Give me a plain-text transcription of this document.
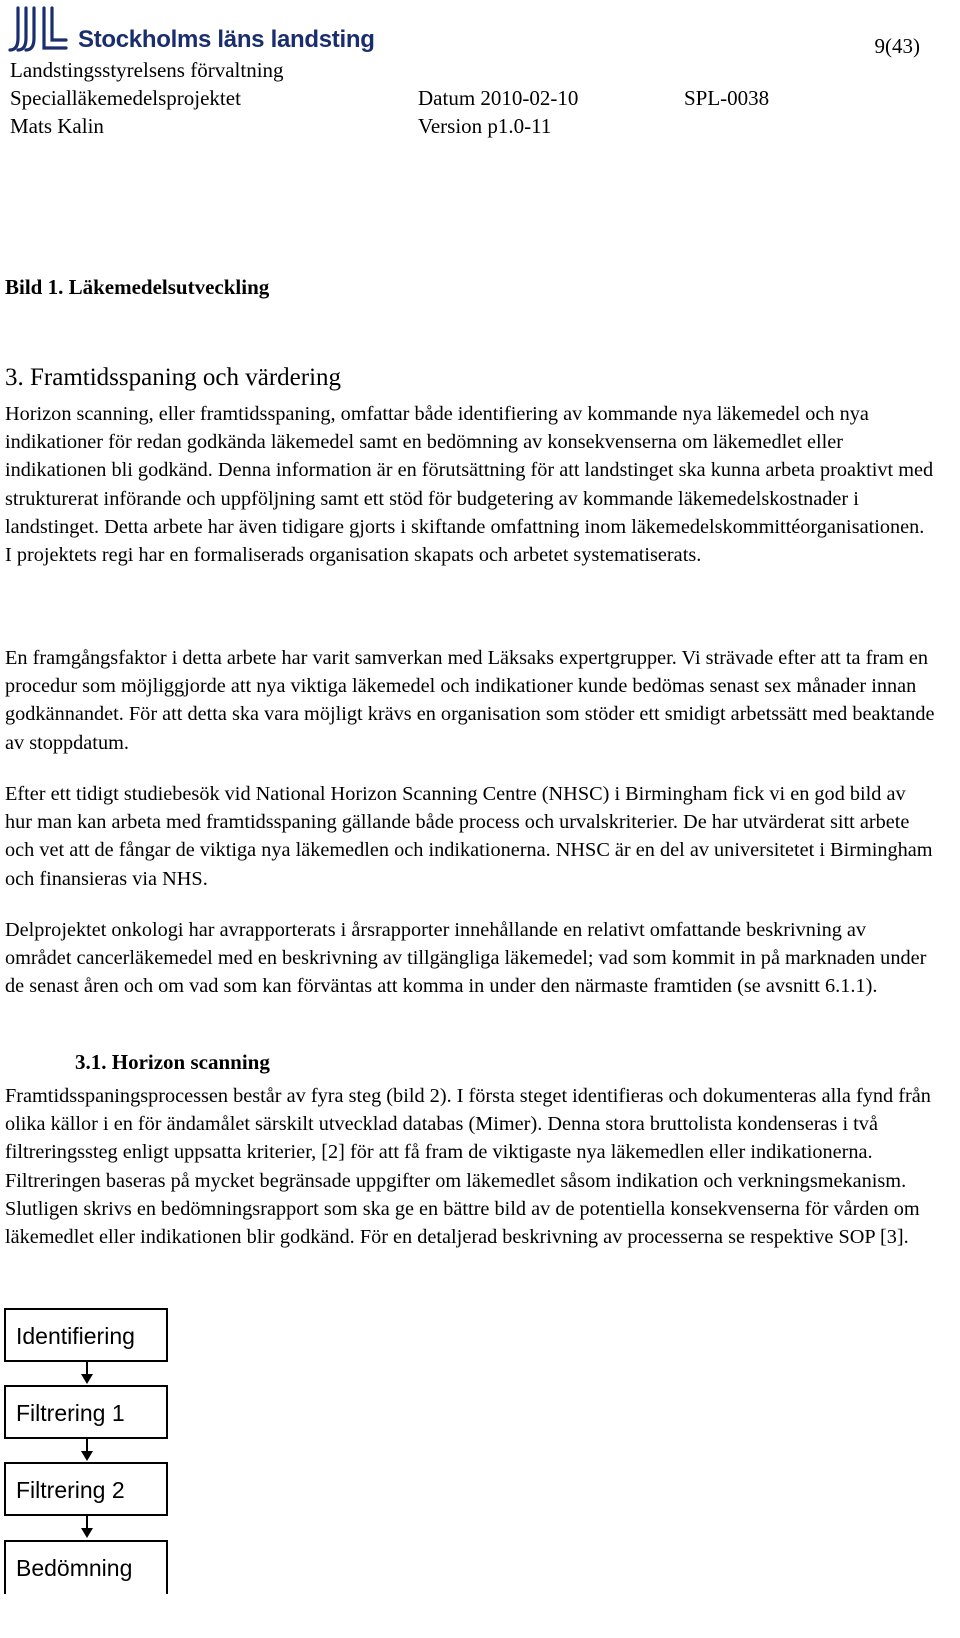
Stockholms läns landsting	9(43)
Landstingsstyrelsens förvaltning
Specialläkemedelsprojektet	Datum 2010-02-10	SPL-0038
Mats Kalin	Version p1.0-11
Bild 1. Läkemedelsutveckling
3. Framtidsspaning och värdering

Horizon scanning, eller framtidsspaning, omfattar både identifiering av kommande nya läkemedel och nya indikationer för redan godkända läkemedel samt en bedömning av konsekvenserna om läkemedlet eller indikationen bli godkänd. Denna information är en förutsättning för att landstinget ska kunna arbeta proaktivt med strukturerat införande och uppföljning samt ett stöd för budgetering av kommande läkemedelskostnader i landstinget. Detta arbete har även tidigare gjorts i skiftande omfattning inom läkemedelskommittéorganisationen. I projektets regi har en formaliserads organisation skapats och arbetet systematiserats.

En framgångsfaktor i detta arbete har varit samverkan med Läksaks expertgrupper. Vi strävade efter att ta fram en procedur som möjliggjorde att nya viktiga läkemedel och indikationer kunde bedömas senast sex månader innan godkännandet. För att detta ska vara möjligt krävs en organisation som stöder ett smidigt arbetssätt med beaktande av stoppdatum.

Efter ett tidigt studiebesök vid National Horizon Scanning Centre (NHSC) i Birmingham fick vi en god bild av hur man kan arbeta med framtidsspaning gällande både process och urvalskriterier. De har utvärderat sitt arbete och vet att de fångar de viktiga nya läkemedlen och indikationerna. NHSC är en del av universitetet i Birmingham och finansieras via NHS.

Delprojektet onkologi har avrapporterats i årsrapporter innehållande en relativt omfattande beskrivning av området cancerläkemedel med en beskrivning av tillgängliga läkemedel; vad som kommit in på marknaden under de senast åren och om vad som kan förväntas att komma in under den närmaste framtiden (se avsnitt 6.1.1).

3.1. Horizon scanning

Framtidsspaningsprocessen består av fyra steg (bild 2). I första steget identifieras och dokumenteras alla fynd från olika källor i en för ändamålet särskilt utvecklad databas (Mimer). Denna stora bruttolista kondenseras i två filtreringssteg enligt uppsatta kriterier, [2] för att få fram de viktigaste nya läkemedlen eller indikationerna. Filtreringen baseras på mycket begränsade uppgifter om läkemedlet såsom indikation och verkningsmekanism. Slutligen skrivs en bedömningsrapport som ska ge en bättre bild av de potentiella konsekvenserna för vården om läkemedlet eller indikationen blir godkänd. För en detaljerad beskrivning av processerna se respektive SOP [3].

Identifiering
Filtrering 1
Filtrering 2
Bedömning
